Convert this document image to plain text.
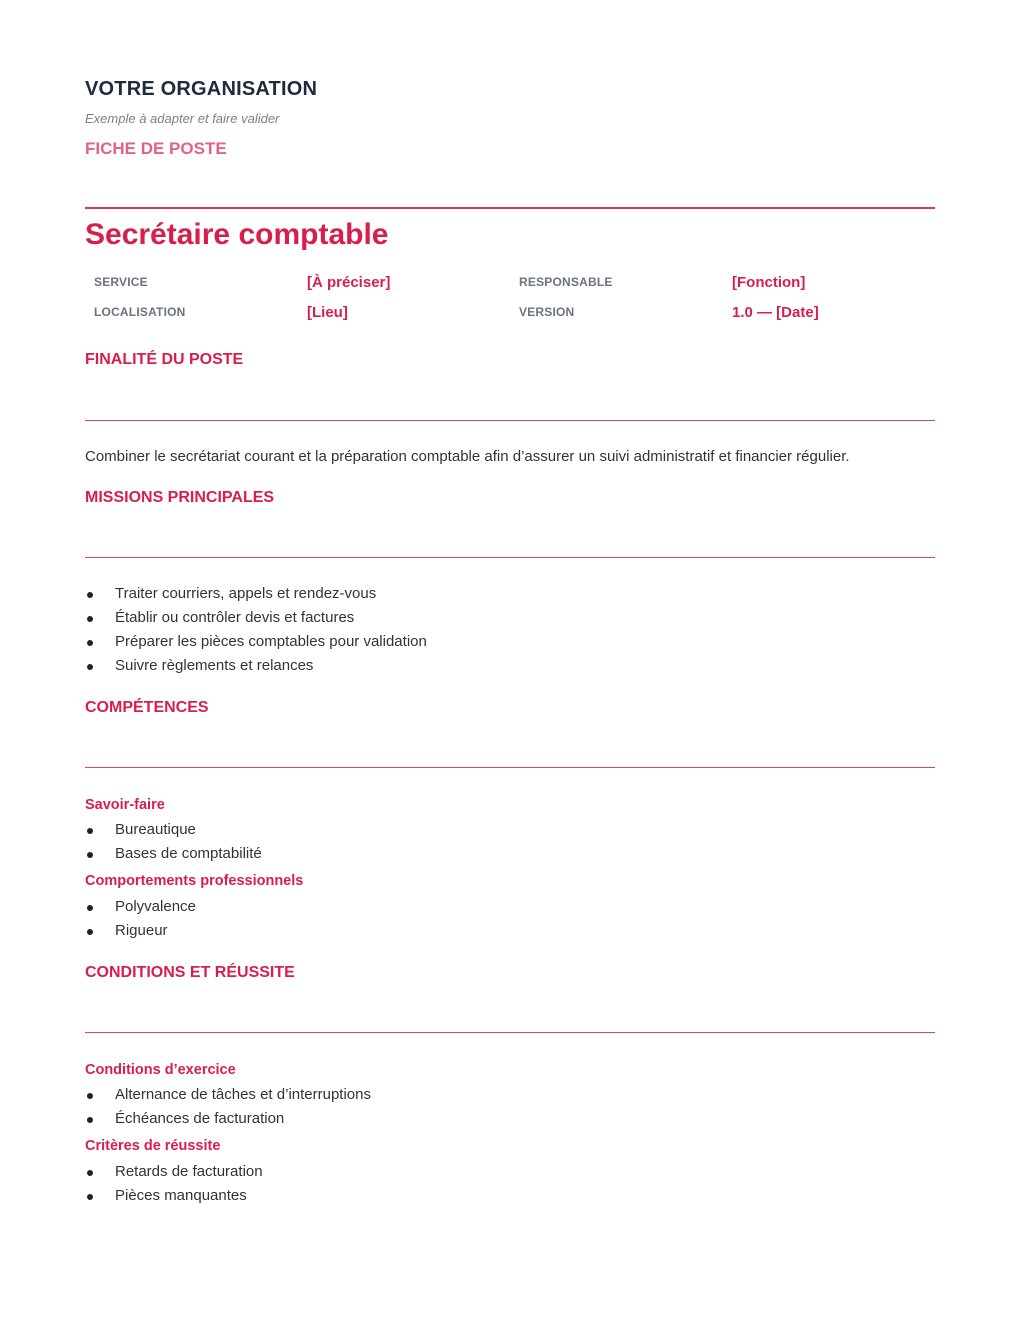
VOTRE ORGANISATION
Exemple à adapter et faire valider
FICHE DE POSTE
Secrétaire comptable
SERVICE	[À préciser]	RESPONSABLE	[Fonction]
LOCALISATION	[Lieu]	VERSION	1.0 — [Date]
FINALITÉ DU POSTE
Combiner le secrétariat courant et la préparation comptable afin d’assurer un suivi administratif et financier régulier.
MISSIONS PRINCIPALES
Traiter courriers, appels et rendez-vous
Établir ou contrôler devis et factures
Préparer les pièces comptables pour validation
Suivre règlements et relances
COMPÉTENCES
Savoir-faire
Bureautique
Bases de comptabilité
Comportements professionnels
Polyvalence
Rigueur
CONDITIONS ET RÉUSSITE
Conditions d’exercice
Alternance de tâches et d’interruptions
Échéances de facturation
Critères de réussite
Retards de facturation
Pièces manquantes
